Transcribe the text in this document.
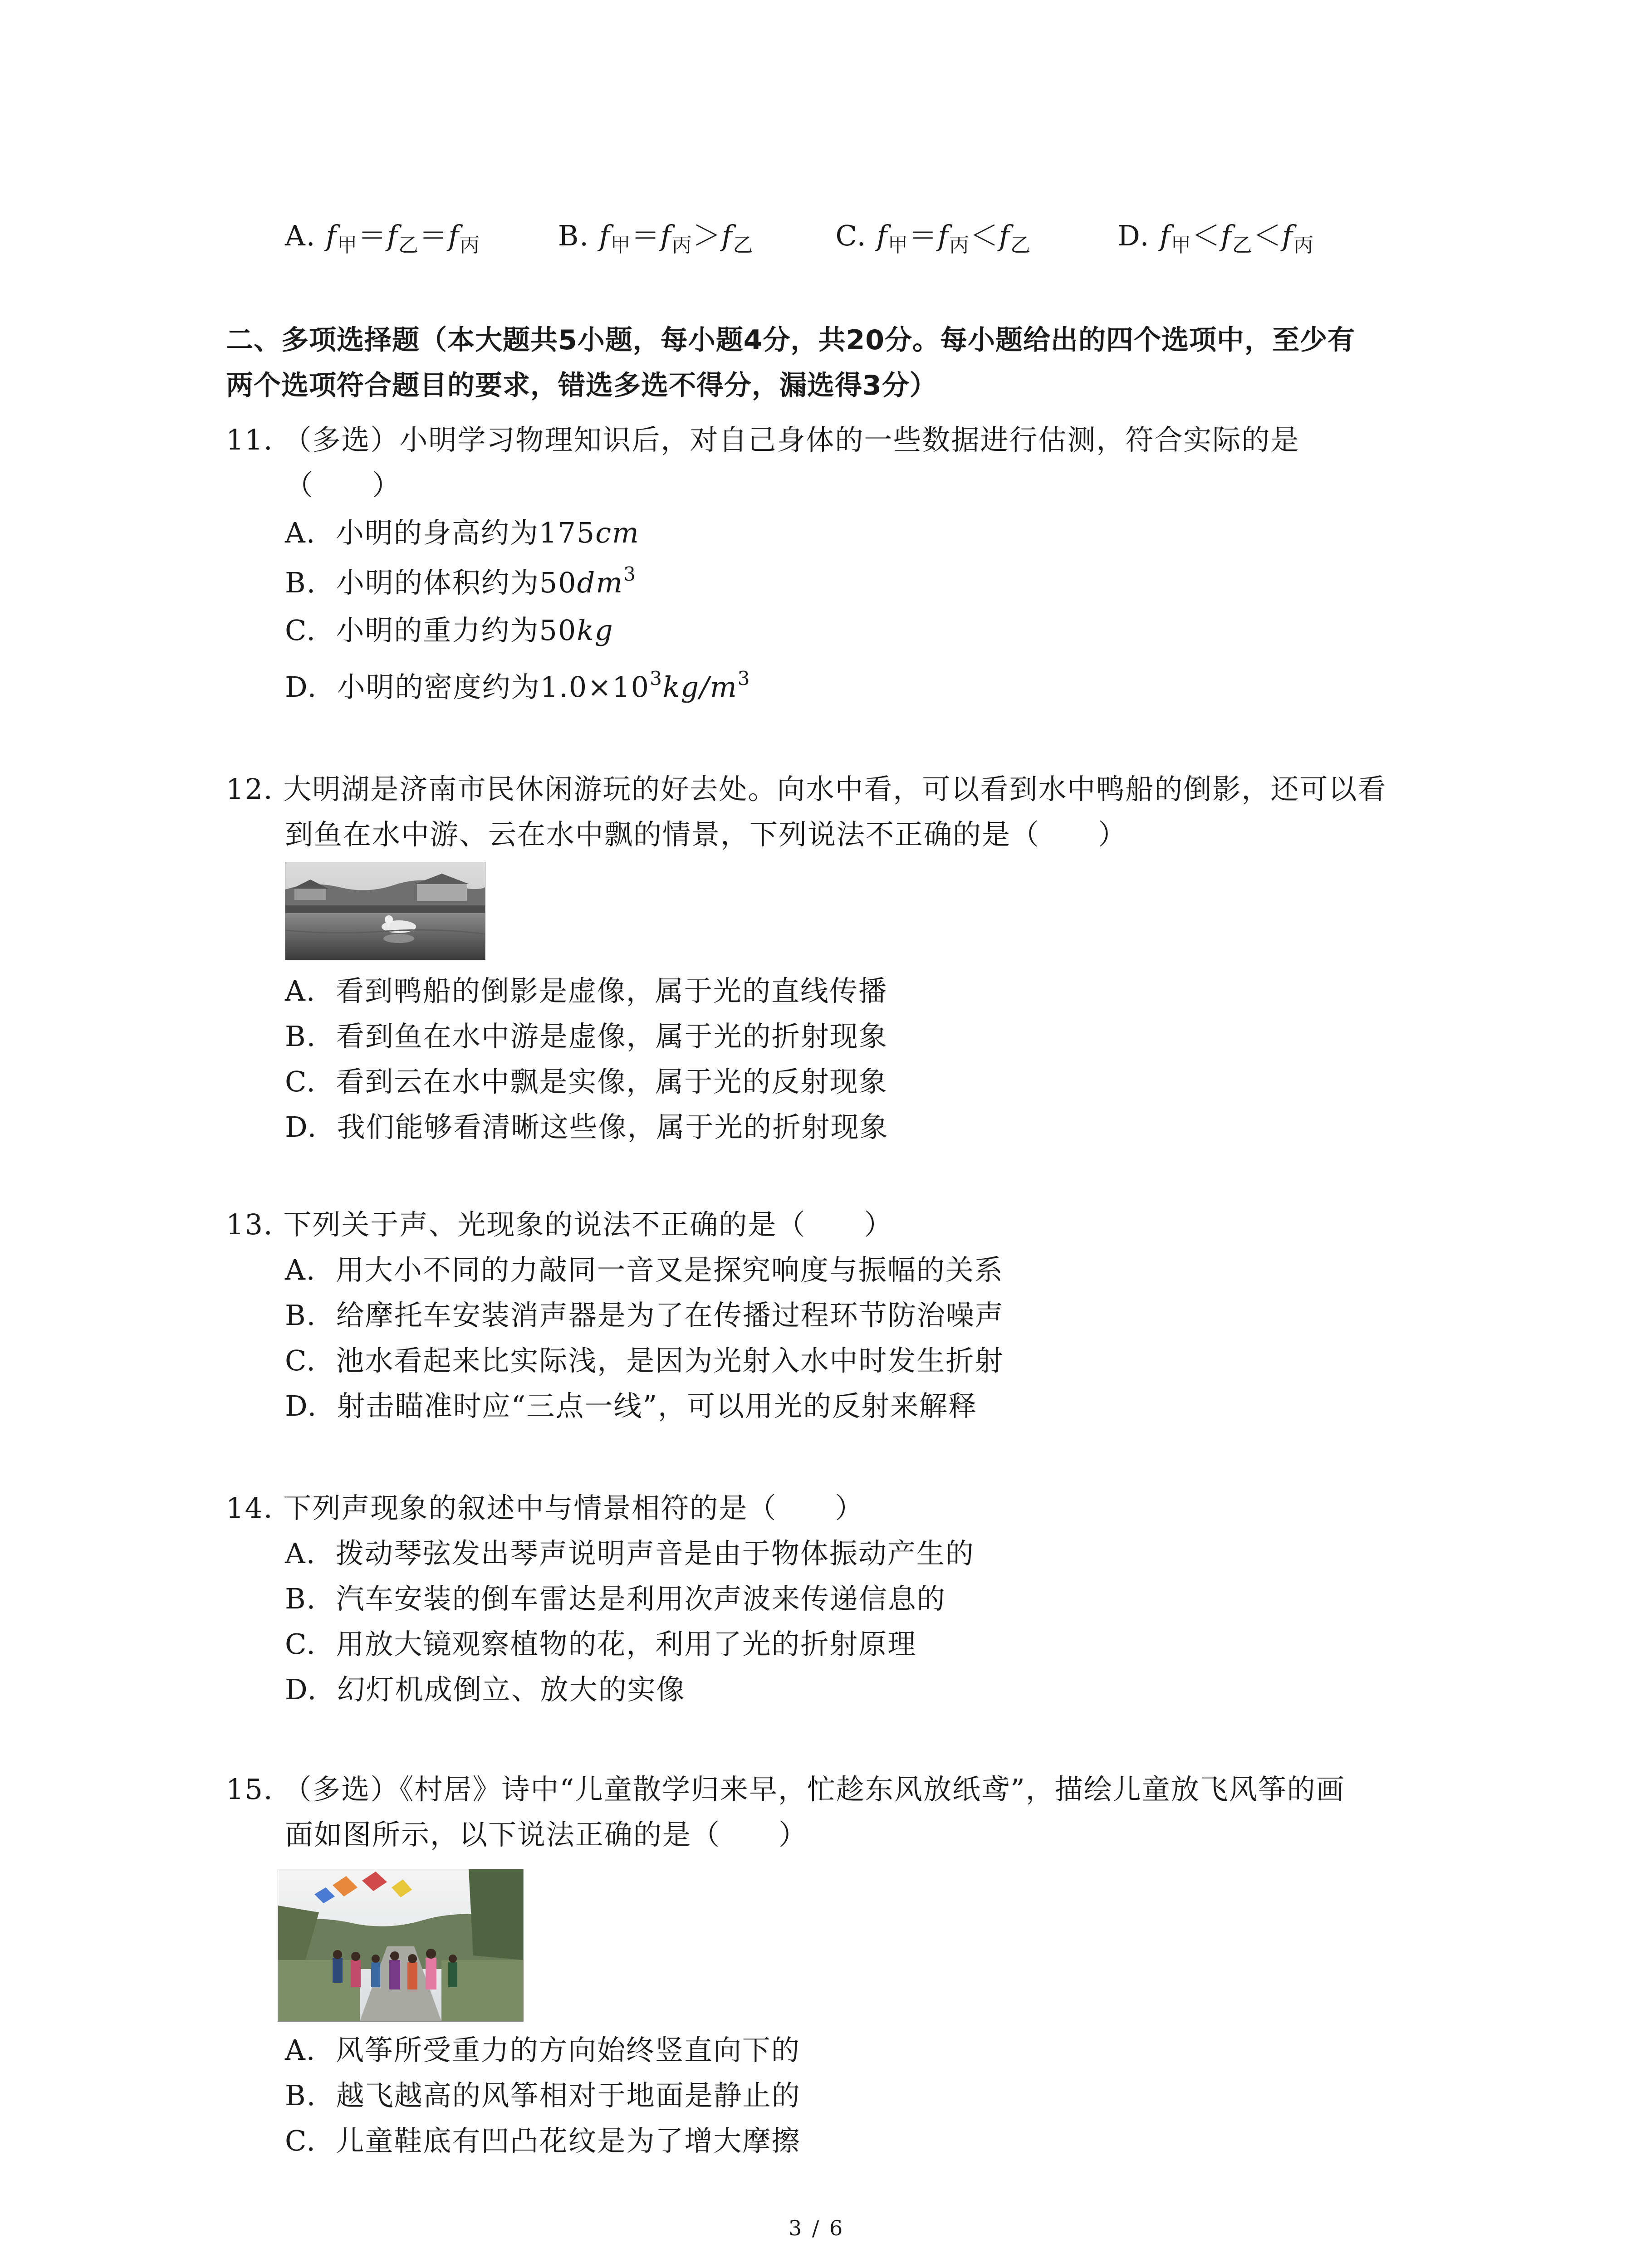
A. $f_甲=f_乙=f_丙$	B. $f_甲=f_丙>f_乙$	C. $f_甲=f_丙<f_乙$	D. $f_甲<f_乙<f_丙$
二、多项选择题（本大题共5小题，每小题4分，共20分。每小题给出的四个选项中，至少有
两个选项符合题目的要求，错选多选不得分，漏选得3分）
11. （多选）小明学习物理知识后，对自己身体的一些数据进行估测，符合实际的是
（　　）
A. 小明的身高约为175cm
B. 小明的体积约为$50dm^3$
C. 小明的重力约为50kg
D. 小明的密度约为$1.0\times 10^3kg/m^3$
12. 大明湖是济南市民休闲游玩的好去处。向水中看，可以看到水中鸭船的倒影，还可以看
到鱼在水中游、云在水中飘的情景，下列说法不正确的是（　　）
A. 看到鸭船的倒影是虚像，属于光的直线传播
B. 看到鱼在水中游是虚像，属于光的折射现象
C. 看到云在水中飘是实像，属于光的反射现象
D. 我们能够看清晰这些像，属于光的折射现象
13. 下列关于声、光现象的说法不正确的是（　　）
A. 用大小不同的力敲同一音叉是探究响度与振幅的关系
B. 给摩托车安装消声器是为了在传播过程环节防治噪声
C. 池水看起来比实际浅，是因为光射入水中时发生折射
D. 射击瞄准时应“三点一线”，可以用光的反射来解释
14. 下列声现象的叙述中与情景相符的是（　　）
A. 拨动琴弦发出琴声说明声音是由于物体振动产生的
B. 汽车安装的倒车雷达是利用次声波来传递信息的
C. 用放大镜观察植物的花，利用了光的折射原理
D. 幻灯机成倒立、放大的实像
15. （多选）《村居》诗中“儿童散学归来早，忙趁东风放纸鸢”，描绘儿童放飞风筝的画
面如图所示，以下说法正确的是（　　）
A. 风筝所受重力的方向始终竖直向下的
B. 越飞越高的风筝相对于地面是静止的
C. 儿童鞋底有凹凸花纹是为了增大摩擦
3 / 6
